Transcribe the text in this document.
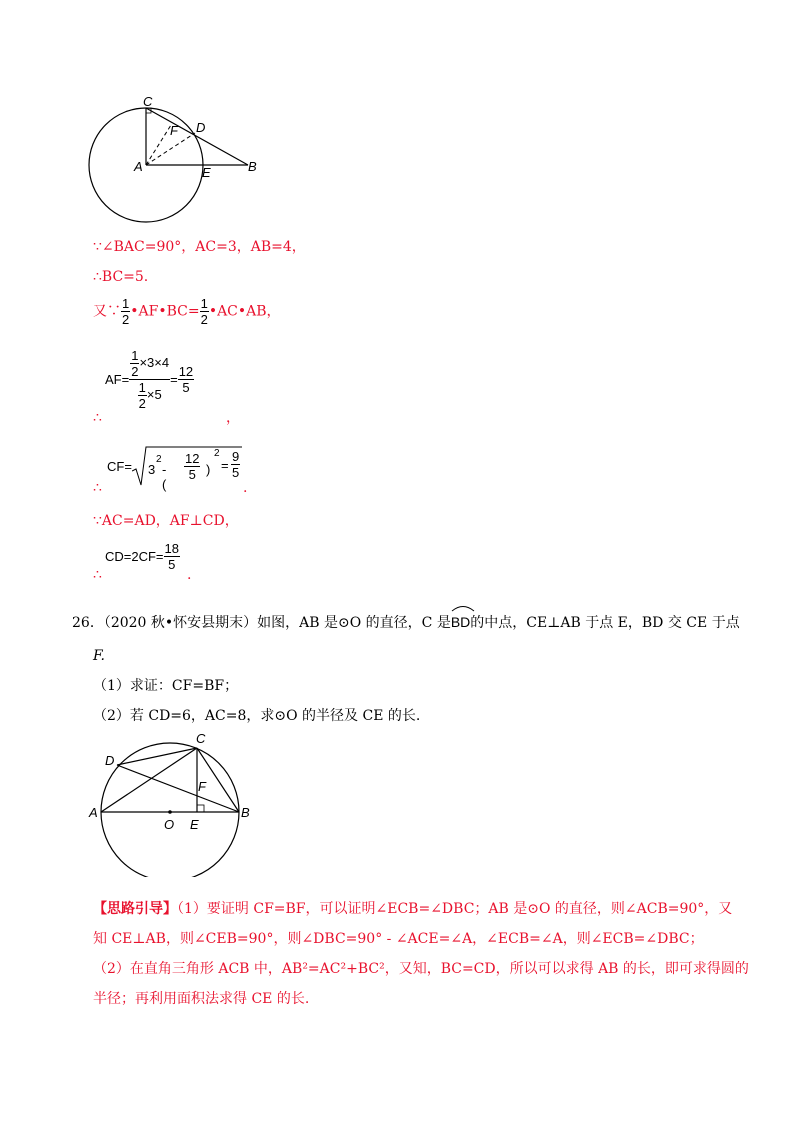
C
F D
A	E	B
∵∠BAC=90°，AC=3，AB=4，
∴BC=5.
又∵ $\frac{1}{2}$ •AF•BC= $\frac{1}{2}$ •AC•AB，
$AF= \frac{\frac{1}{2} \times 3\times 4}{\frac{1}{2} \times 5} = \frac{12}{5}$
∴	，
CF= 3
2
- (
$\frac{12}{5}$ )
2
= $\frac{9}{5}$
∴	.
∵AC=AD，AF⊥CD，
$CD=2CF= \frac{18}{5}$
∴	.
26．（2020 秋•怀安县期末）如图，AB 是⊙O 的直径，C 是
BD的中点，CE⊥AB 于点 E，BD 交 CE 于点
F.
（1）求证：CF=BF；
（2）若 CD=6，AC=8，求⊙O 的半径及 CE 的长.
D
C
F
A
O E
B
【思路引导】（1）要证明 CF=BF，可以证明∠ECB=∠DBC；AB 是⊙O 的直径，则∠ACB=90°，又
知 CE⊥AB，则∠CEB=90°，则∠DBC=90° - ∠ACE=∠A，∠ECB=∠A，则∠ECB=∠DBC；
（2）在直角三角形 ACB 中，AB²=AC²+BC²，又知，BC=CD，所以可以求得 AB 的长，即可求得圆的
半径；再利用面积法求得 CE 的长.
